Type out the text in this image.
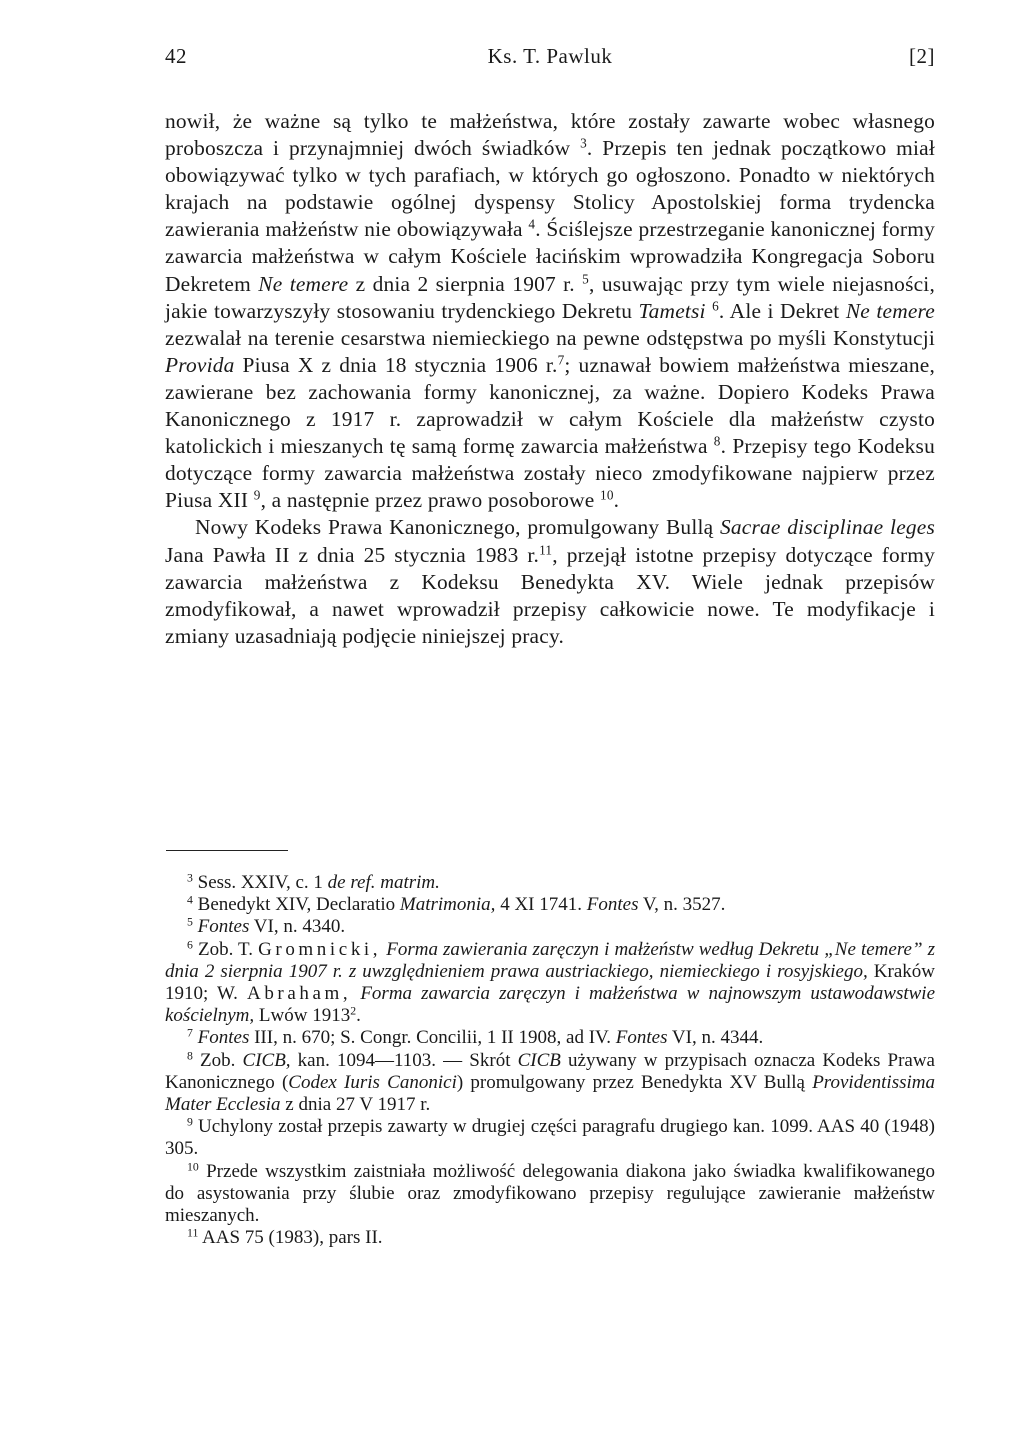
42	Ks. T. Pawluk	[2]

nowił, że ważne są tylko te małżeństwa, które zostały zawarte wobec własnego proboszcza i przynajmniej dwóch świadków $^3$. Przepis ten jednak początkowo miał obowiązywać tylko w tych parafiach, w których go ogłoszono. Ponadto w niektórych krajach na podstawie ogólnej dyspensy Stolicy Apostolskiej forma trydencka zawierania małżeństw nie obowiązywała $^4$. Ściślejsze przestrzeganie kanonicznej formy zawarcia małżeństwa w całym Kościele łacińskim wprowadziła Kongregacja Soboru Dekretem Ne temere z dnia 2 sierpnia 1907 r. $^5$, usuwając przy tym wiele niejasności, jakie towarzyszyły stosowaniu trydenckiego Dekretu Tametsi $^6$. Ale i Dekret Ne temere zezwalał na terenie cesarstwa niemieckiego na pewne odstępstwa po myśli Konstytucji Provida Piusa X z dnia 18 stycznia 1906 r.$^7$; uznawał bowiem małżeństwa mieszane, zawierane bez zachowania formy kanonicznej, za ważne. Dopiero Kodeks Prawa Kanonicznego z 1917 r. zaprowadził w całym Kościele dla małżeństw czysto katolickich i mieszanych tę samą formę zawarcia małżeństwa $^8$. Przepisy tego Kodeksu dotyczące formy zawarcia małżeństwa zostały nieco zmodyfikowane najpierw przez Piusa XII $^9$, a następnie przez prawo posoborowe $^{10}$.

Nowy Kodeks Prawa Kanonicznego, promulgowany Bullą Sacrae disciplinae leges Jana Pawła II z dnia 25 stycznia 1983 r.$^{11}$, przejął istotne przepisy dotyczące formy zawarcia małżeństwa z Kodeksu Benedykta XV. Wiele jednak przepisów zmodyfikował, a nawet wprowadził przepisy całkowicie nowe. Te modyfikacje i zmiany uzasadniają podjęcie niniejszej pracy.

$^3$ Sess. XXIV, c. 1 de ref. matrim.

$^4$ Benedykt XIV, Declaratio Matrimonia, 4 XI 1741. Fontes V, n. 3527.

$^5$ Fontes VI, n. 4340.

$^6$ Zob. T. Gromnicki, Forma zawierania zaręczyn i małżeństw według Dekretu „Ne temere” z dnia 2 sierpnia 1907 r. z uwzględnieniem prawa austriackiego, niemieckiego i rosyjskiego, Kraków 1910; W. Abraham, Forma zawarcia zaręczyn i małżeństwa w najnowszym ustawodawstwie kościelnym, Lwów 1913$^2$.

$^7$ Fontes III, n. 670; S. Congr. Concilii, 1 II 1908, ad IV. Fontes VI, n. 4344.

$^8$ Zob. CICB, kan. 1094—1103. — Skrót CICB używany w przypisach oznacza Kodeks Prawa Kanonicznego (Codex Iuris Canonici) promulgowany przez Benedykta XV Bullą Providentissima Mater Ecclesia z dnia 27 V 1917 r.

$^9$ Uchylony został przepis zawarty w drugiej części paragrafu drugiego kan. 1099. AAS 40 (1948) 305.

$^{10}$ Przede wszystkim zaistniała możliwość delegowania diakona jako świadka kwalifikowanego do asystowania przy ślubie oraz zmodyfikowano przepisy regulujące zawieranie małżeństw mieszanych.

$^{11}$ AAS 75 (1983), pars II.
